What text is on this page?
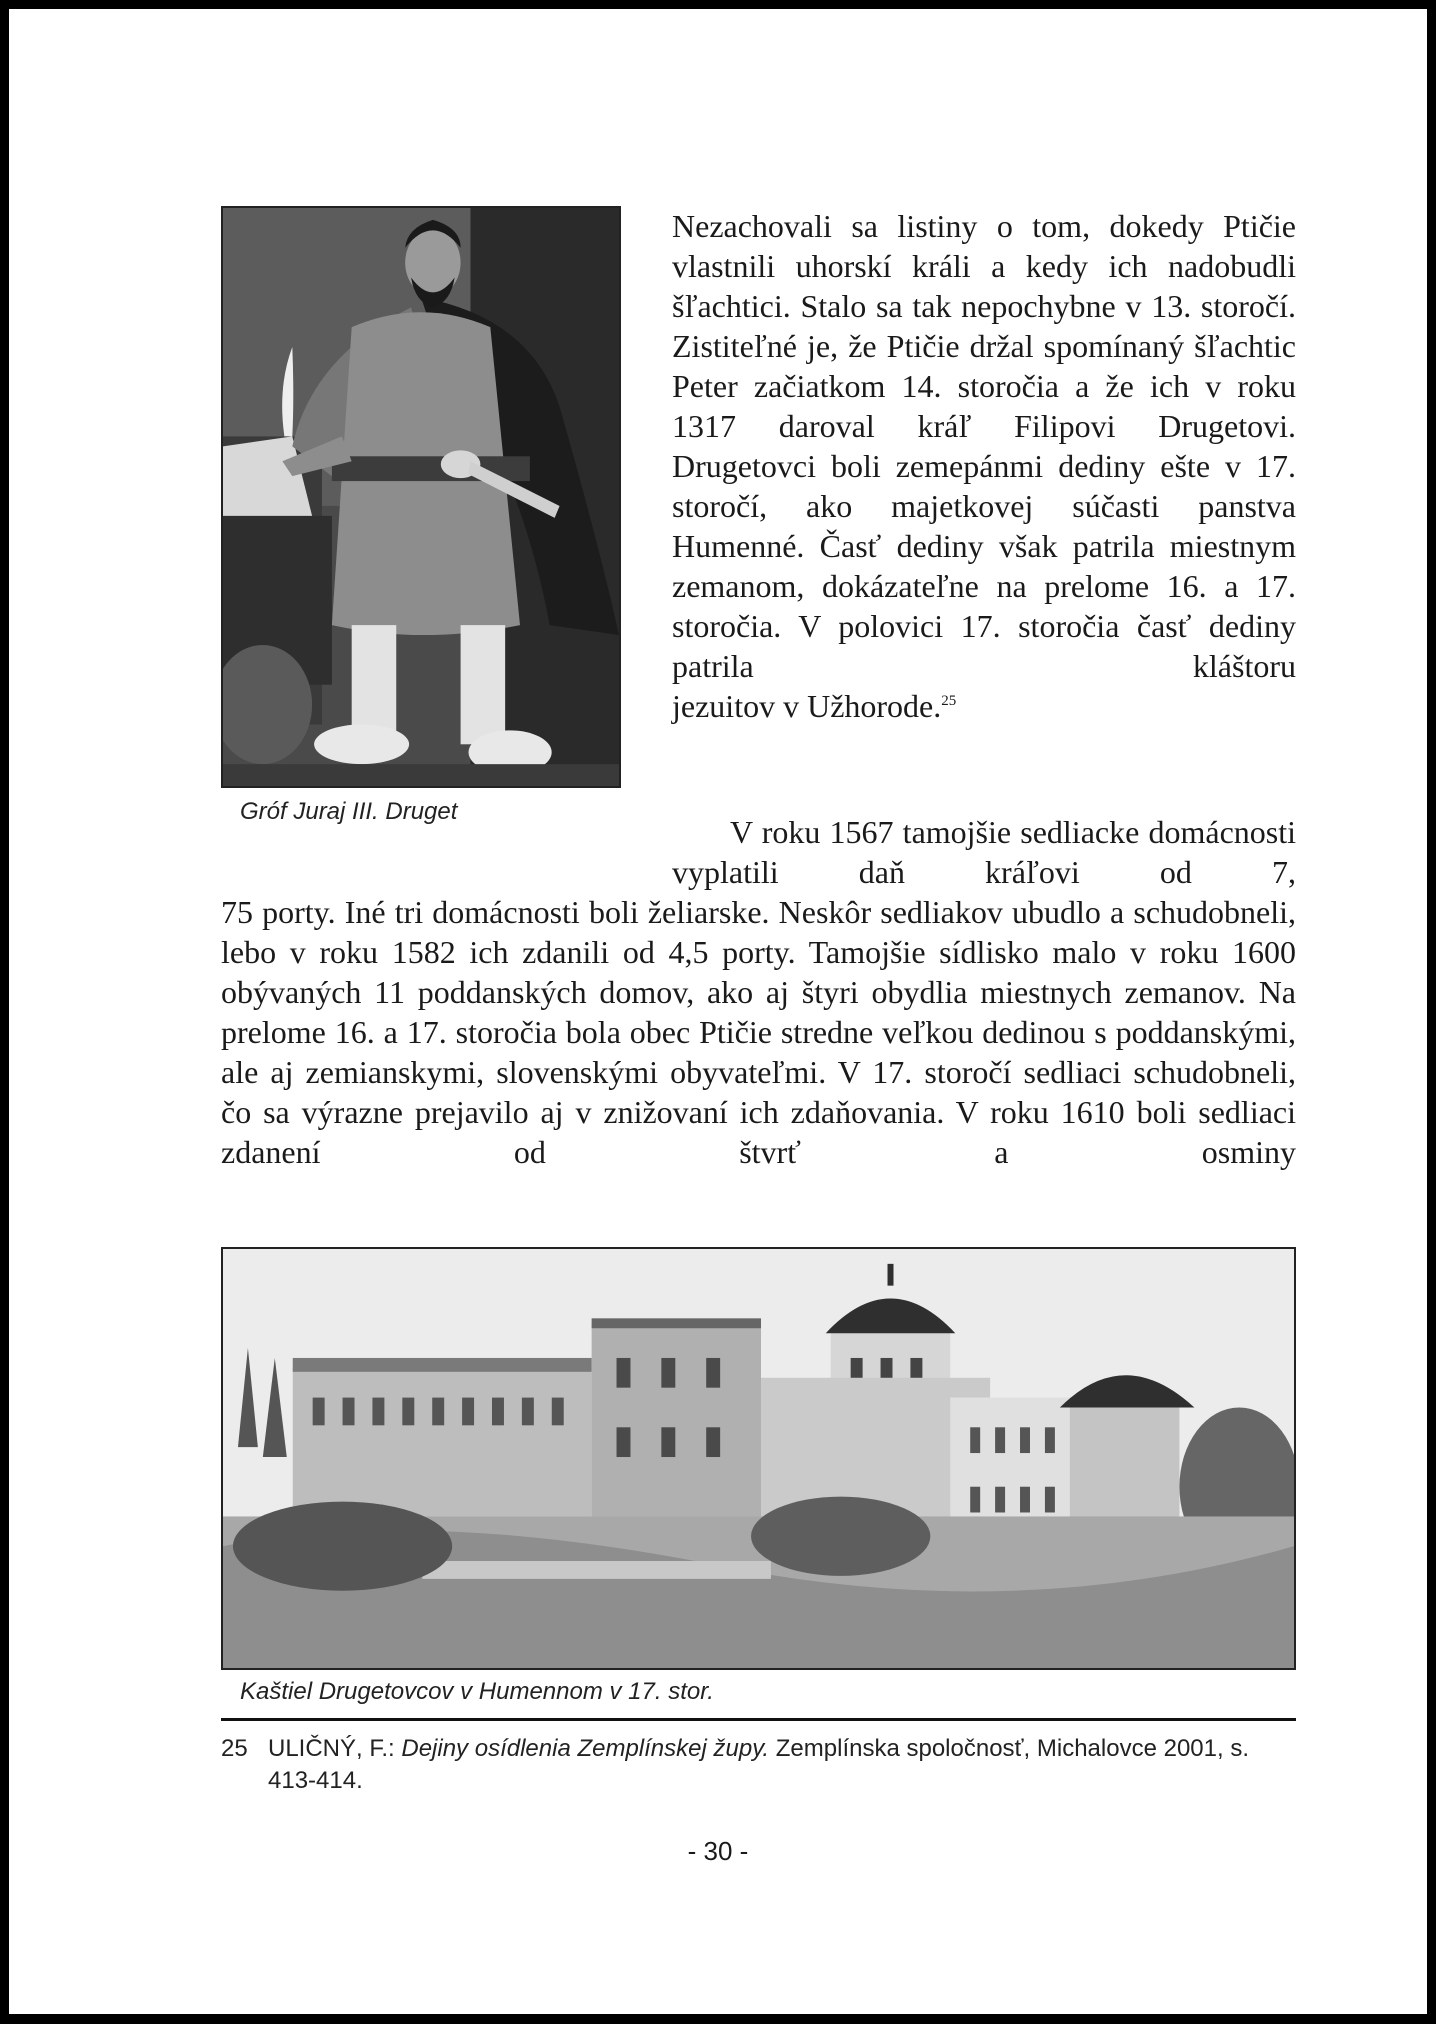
Gróf Juraj III. Druget

Nezachovali sa listiny o tom, dokedy Ptičie vlastnili uhorskí králi a kedy ich nadobudli šľachtici. Stalo sa tak nepochybne v 13. storočí. Zistiteľné je, že Ptičie držal spomínaný šľachtic Peter začiatkom 14. storočia a že ich v roku 1317 daroval kráľ Filipovi Drugetovi. Drugetovci boli zemepánmi dediny ešte v 17. storočí, ako majetkovej súčasti panstva Humenné. Časť dediny však patrila miestnym zemanom, dokázateľne na prelome 16. a 17. storočia. V polovici 17. storočia časť dediny patrila kláštoru
jezuitov v Užhorode.$^{25}$

V roku 1567 tamojšie sedliacke domácnosti vyplatili daň kráľovi od 7,

75 porty. Iné tri domácnosti boli želiarske. Neskôr sedliakov ubudlo a schudobneli, lebo v roku 1582 ich zdanili od 4,5 porty. Tamojšie sídlisko malo v roku 1600 obývaných 11 poddanských domov, ako aj štyri obydlia miestnych zemanov. Na prelome 16. a 17. storočia bola obec Ptičie stredne veľkou dedinou s poddanskými, ale aj zemianskymi, slovenskými obyvateľmi. V 17. storočí sedliaci schudobneli, čo sa výrazne prejavilo aj v znižovaní ich zdaňovania. V roku 1610 boli sedliaci zdanení od štvrť a osminy

Kaštiel Drugetovcov v Humennom v 17. stor.
25 ULIČNÝ, F.: Dejiny osídlenia Zemplínskej župy. Zemplínska spoločnosť, Michalovce 2001, s. 413-414.
- 30 -
